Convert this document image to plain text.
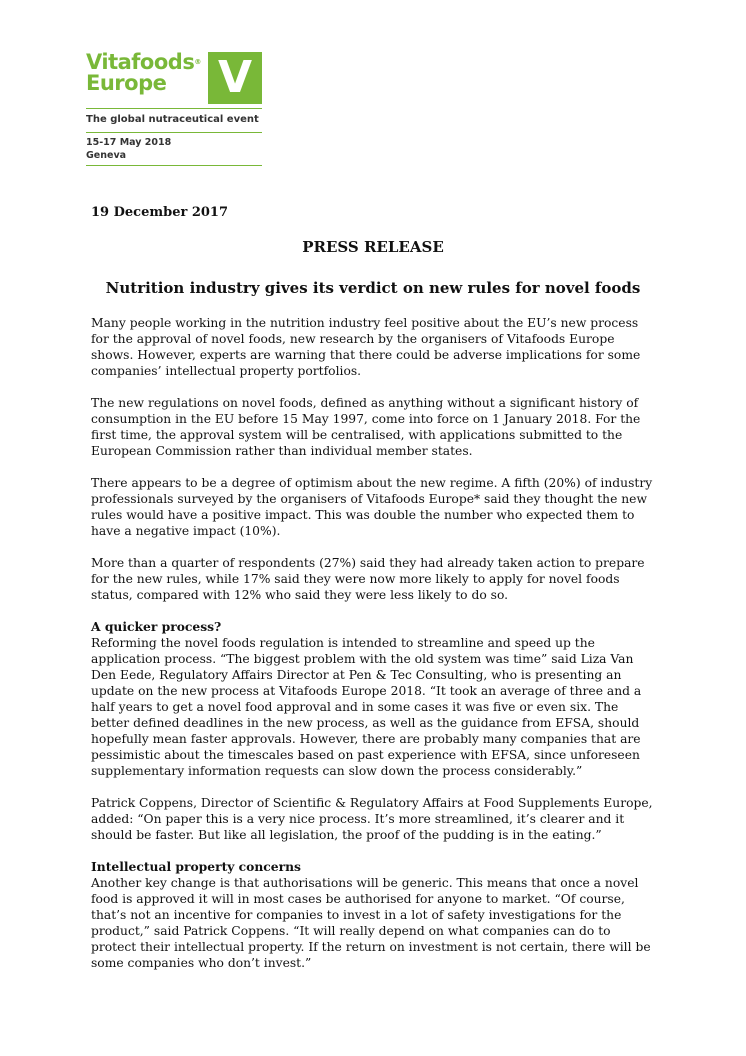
Vitafoods®
Europe	V
The global nutraceutical event
15-17 May 2018
Geneva
19 December 2017
PRESS RELEASE
Nutrition industry gives its verdict on new rules for novel foods

Many people working in the nutrition industry feel positive about the EU’s new process for the approval of novel foods, new research by the organisers of Vitafoods Europe shows. However, experts are warning that there could be adverse implications for some companies’ intellectual property portfolios.

The new regulations on novel foods, defined as anything without a significant history of consumption in the EU before 15 May 1997, come into force on 1 January 2018. For the first time, the approval system will be centralised, with applications submitted to the European Commission rather than individual member states.

There appears to be a degree of optimism about the new regime. A fifth (20%) of industry professionals surveyed by the organisers of Vitafoods Europe* said they thought the new rules would have a positive impact. This was double the number who expected them to have a negative impact (10%).

More than a quarter of respondents (27%) said they had already taken action to prepare for the new rules, while 17% said they were now more likely to apply for novel foods status, compared with 12% who said they were less likely to do so.

A quicker process?

Reforming the novel foods regulation is intended to streamline and speed up the application process. “The biggest problem with the old system was time” said Liza Van Den Eede, Regulatory Affairs Director at Pen & Tec Consulting, who is presenting an update on the new process at Vitafoods Europe 2018. “It took an average of three and a half years to get a novel food approval and in some cases it was five or even six. The better defined deadlines in the new process, as well as the guidance from EFSA, should hopefully mean faster approvals. However, there are probably many companies that are pessimistic about the timescales based on past experience with EFSA, since unforeseen supplementary information requests can slow down the process considerably.”

Patrick Coppens, Director of Scientific & Regulatory Affairs at Food Supplements Europe, added: “On paper this is a very nice process. It’s more streamlined, it’s clearer and it should be faster. But like all legislation, the proof of the pudding is in the eating.”

Intellectual property concerns

Another key change is that authorisations will be generic. This means that once a novel food is approved it will in most cases be authorised for anyone to market. “Of course, that’s not an incentive for companies to invest in a lot of safety investigations for the product,” said Patrick Coppens. “It will really depend on what companies can do to protect their intellectual property. If the return on investment is not certain, there will be some companies who don’t invest.”
